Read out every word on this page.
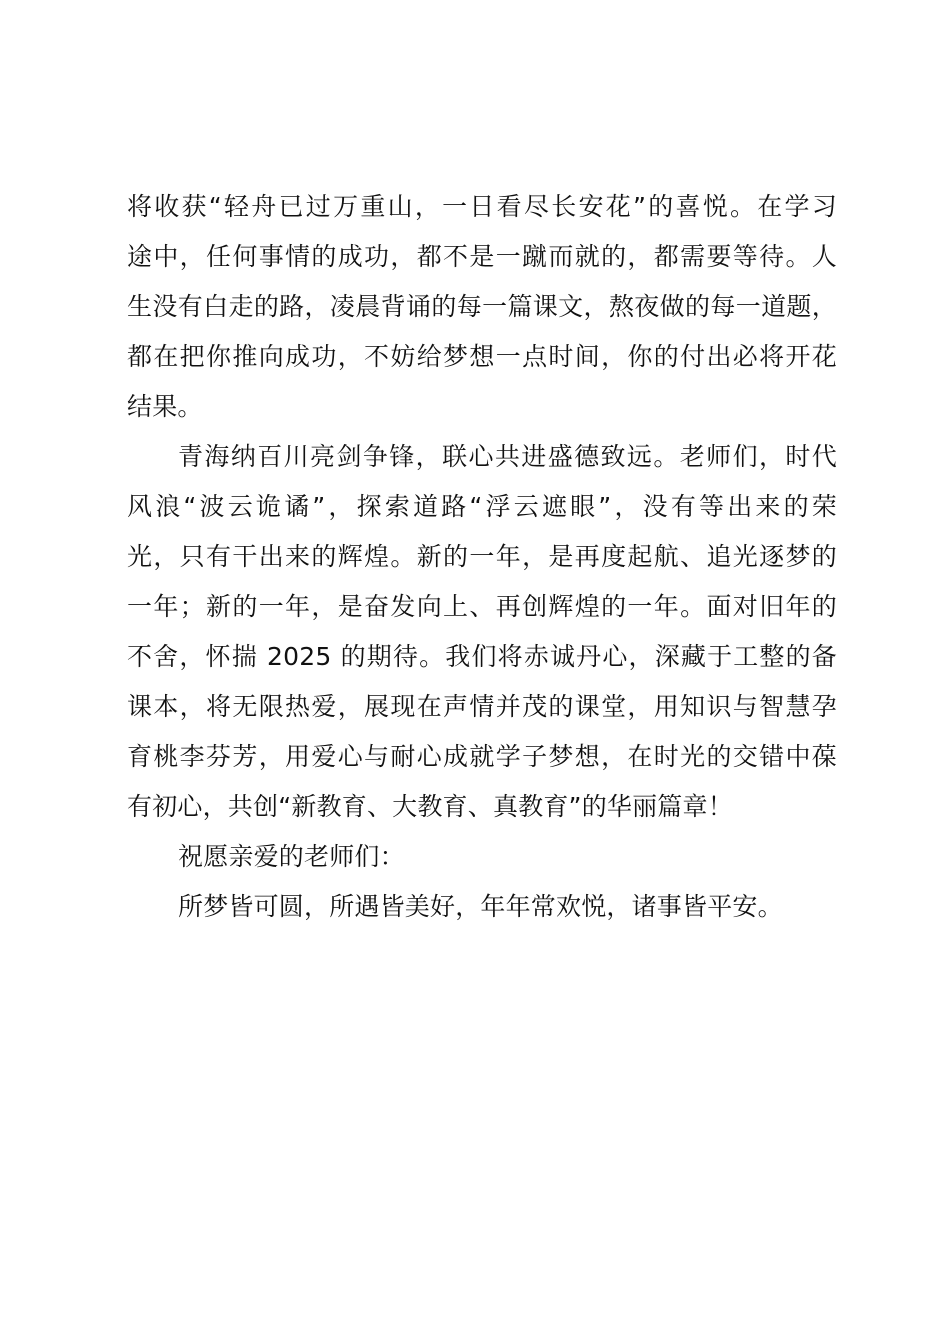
将收获“轻舟已过万重山，一日看尽长安花”的喜悦。在学习
途中，任何事情的成功，都不是一蹴而就的，都需要等待。人
生没有白走的路，凌晨背诵的每一篇课文，熬夜做的每一道题，
都在把你推向成功，不妨给梦想一点时间，你的付出必将开花
结果。
青海纳百川亮剑争锋，联心共进盛德致远。老师们，时代
风浪“波云诡谲”，探索道路“浮云遮眼”，没有等出来的荣
光，只有干出来的辉煌。新的一年，是再度起航、追光逐梦的
一年；新的一年，是奋发向上、再创辉煌的一年。面对旧年的
不舍，怀揣 2025 的期待。我们将赤诚丹心，深藏于工整的备
课本，将无限热爱，展现在声情并茂的课堂，用知识与智慧孕
育桃李芬芳，用爱心与耐心成就学子梦想，在时光的交错中葆
有初心，共创“新教育、大教育、真教育”的华丽篇章！
祝愿亲爱的老师们：
所梦皆可圆，所遇皆美好，年年常欢悦，诸事皆平安。
